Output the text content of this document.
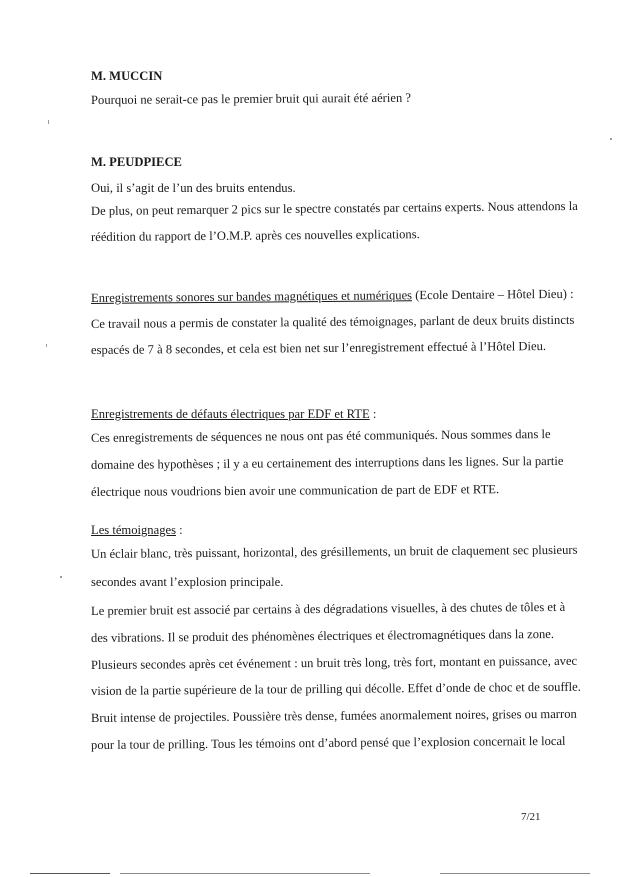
M. MUCCIN
Pourquoi ne serait-ce pas le premier bruit qui aurait été aérien ?
M. PEUDPIECE
Oui, il s’agit de l’un des bruits entendus.
De plus, on peut remarquer 2 pics sur le spectre constatés par certains experts. Nous attendons la
réédition du rapport de l’O.M.P. après ces nouvelles explications.
Enregistrements sonores sur bandes magnétiques et numériques (Ecole Dentaire – Hôtel Dieu) :
Ce travail nous a permis de constater la qualité des témoignages, parlant de deux bruits distincts
espacés de 7 à 8 secondes, et cela est bien net sur l’enregistrement effectué à l’Hôtel Dieu.
Enregistrements de défauts électriques par EDF et RTE :
Ces enregistrements de séquences ne nous ont pas été communiqués. Nous sommes dans le
domaine des hypothèses ; il y a eu certainement des interruptions dans les lignes. Sur la partie
électrique nous voudrions bien avoir une communication de part de EDF et RTE.
Les témoignages :
Un éclair blanc, très puissant, horizontal, des grésillements, un bruit de claquement sec plusieurs
secondes avant l’explosion principale.
Le premier bruit est associé par certains à des dégradations visuelles, à des chutes de tôles et à
des vibrations. Il se produit des phénomènes électriques et électromagnétiques dans la zone.
Plusieurs secondes après cet événement : un bruit très long, très fort, montant en puissance, avec
vision de la partie supérieure de la tour de prilling qui décolle. Effet d’onde de choc et de souffle.
Bruit intense de projectiles. Poussière très dense, fumées anormalement noires, grises ou marron
pour la tour de prilling. Tous les témoins ont d’abord pensé que l’explosion concernait le local
7/21
